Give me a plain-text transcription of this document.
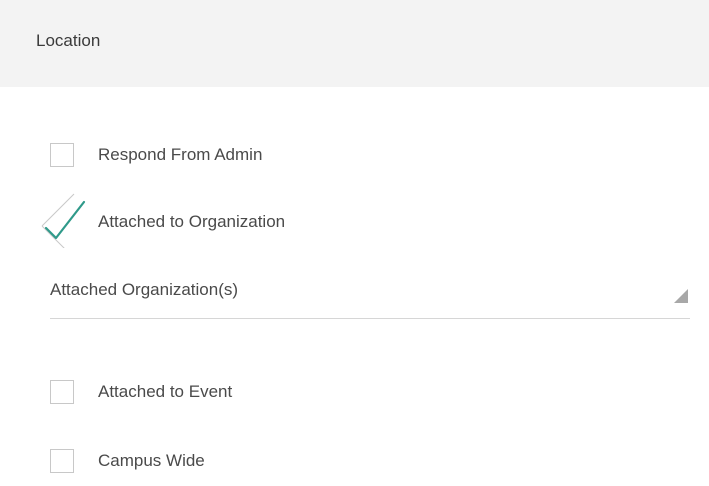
Location
Respond From Admin
Attached to Organization
Attached Organization(s)
Attached to Event
Campus Wide
